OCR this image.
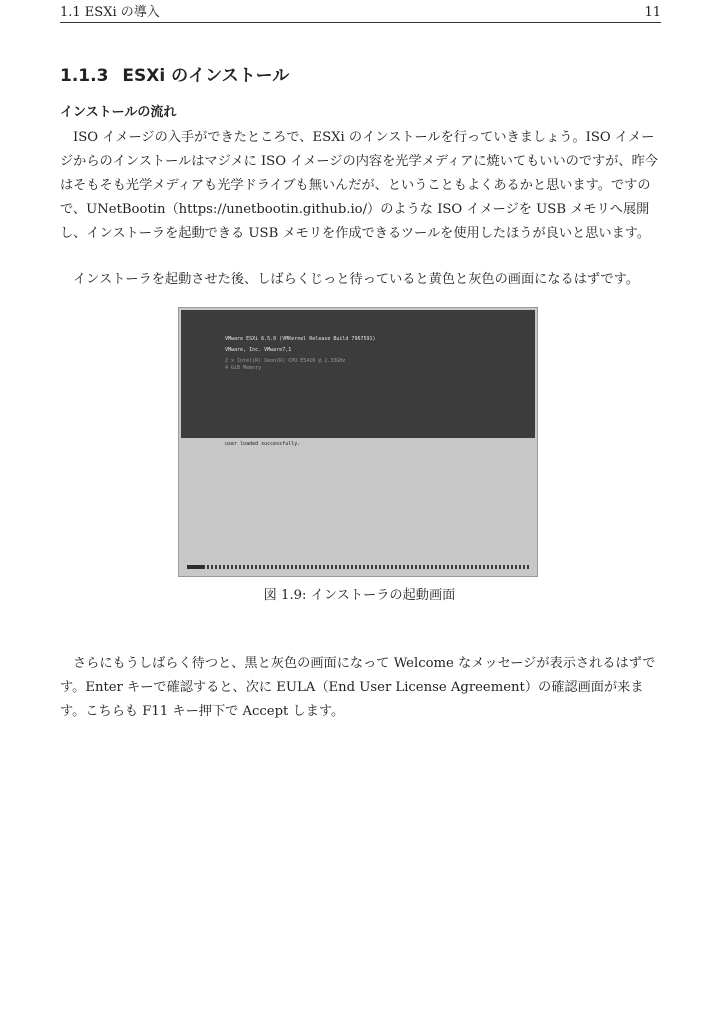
1.1 ESXi の導入	11
1.1.3 ESXi のインストール
インストールの流れ
ISO イメージの入手ができたところで、ESXi のインストールを行っていきましょう。ISO イメージからのインストールはマジメに ISO イメージの内容を光学メディアに焼いてもいいのですが、昨今はそもそも光学メディアも光学ドライブも無いんだが、ということもよくあるかと思います。ですので、UNetBootin（https://unetbootin.github.io/）のような ISO イメージを USB メモリへ展開し、インストーラを起動できる USB メモリを作成できるツールを使用したほうが良いと思います。
インストーラを起動させた後、しばらくじっと待っていると黄色と灰色の画面になるはずです。
VMware ESXi 6.5.0 (VMKernel Release Build 7967591)
VMware, Inc. VMware7,1
2 x Intel(R) Xeon(R) CPU E5410 @ 2.33GHz
4 GiB Memory
user loaded successfully.
図 1.9: インストーラの起動画面
さらにもうしばらく待つと、黒と灰色の画面になって Welcome なメッセージが表示されるはずです。Enter キーで確認すると、次に EULA（End User License Agreement）の確認画面が来ます。こちらも F11 キー押下で Accept します。
